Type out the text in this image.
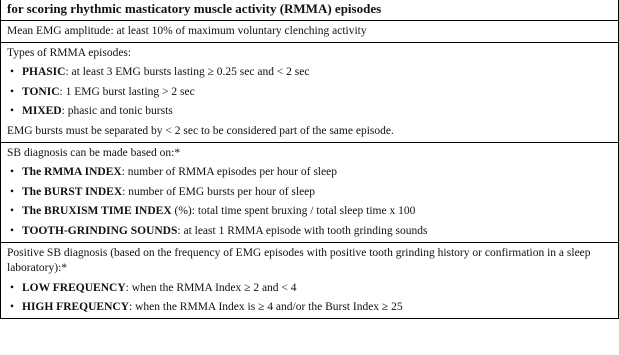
for scoring rhythmic masticatory muscle activity (RMMA) episodes
Mean EMG amplitude: at least 10% of maximum voluntary clenching activity
Types of RMMA episodes:
• PHASIC: at least 3 EMG bursts lasting ≥ 0.25 sec and < 2 sec
• TONIC: 1 EMG burst lasting > 2 sec
• MIXED: phasic and tonic bursts
EMG bursts must be separated by < 2 sec to be considered part of the same episode.
SB diagnosis can be made based on:*
• The RMMA INDEX: number of RMMA episodes per hour of sleep
• The BURST INDEX: number of EMG bursts per hour of sleep
• The BRUXISM TIME INDEX (%): total time spent bruxing / total sleep time x 100
• TOOTH-GRINDING SOUNDS: at least 1 RMMA episode with tooth grinding sounds
Positive SB diagnosis (based on the frequency of EMG episodes with positive tooth grinding history or confirmation in a sleep laboratory):*
• LOW FREQUENCY: when the RMMA Index ≥ 2 and < 4
• HIGH FREQUENCY: when the RMMA Index is ≥ 4 and/or the Burst Index ≥ 25
